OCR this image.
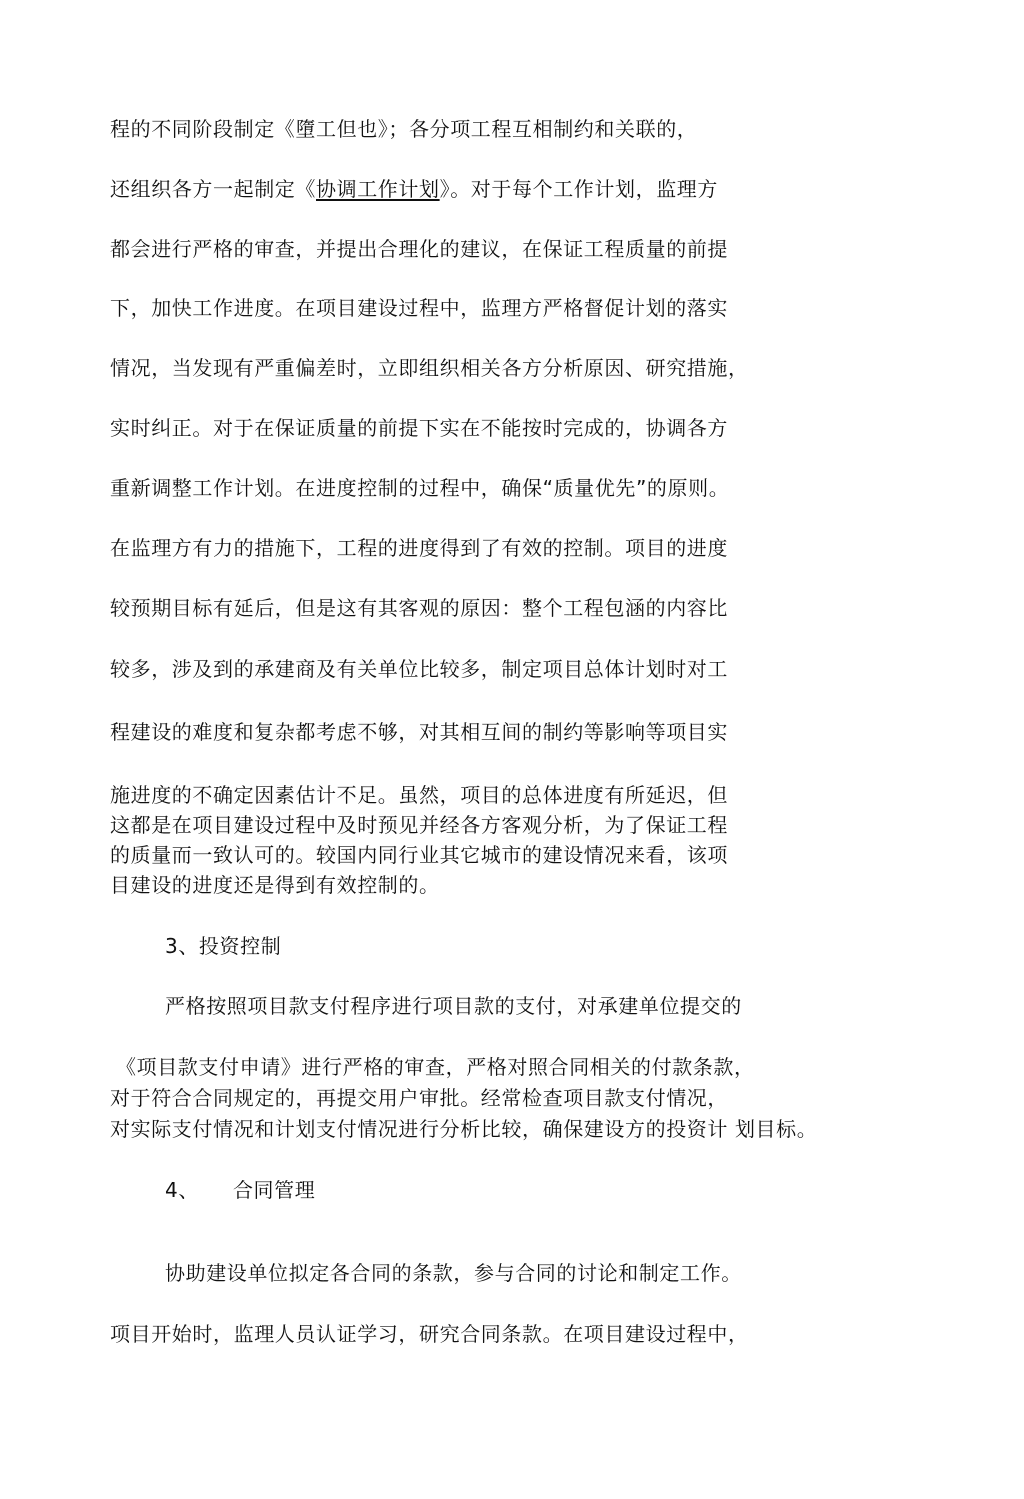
程的不同阶段制定《墮工但也》；各分项工程互相制约和关联的，
还组织各方一起制定《协调工作计划》。对于每个工作计划，监理方
都会进行严格的审查，并提出合理化的建议，在保证工程质量的前提
下，加快工作进度。在项目建设过程中，监理方严格督促计划的落实
情况，当发现有严重偏差时，立即组织相关各方分析原因、研究措施，
实时纠正。对于在保证质量的前提下实在不能按时完成的，协调各方
重新调整工作计划。在进度控制的过程中，确保“质量优先”的原则。
在监理方有力的措施下，工程的进度得到了有效的控制。项目的进度
较预期目标有延后，但是这有其客观的原因：整个工程包涵的内容比
较多，涉及到的承建商及有关单位比较多，制定项目总体计划时对工
程建设的难度和复杂都考虑不够，对其相互间的制约等影响等项目实
施进度的不确定因素估计不足。虽然，项目的总体进度有所延迟，但
这都是在项目建设过程中及时预见并经各方客观分析，为了保证工程
的质量而一致认可的。较国内同行业其它城市的建设情况来看，该项
目建设的进度还是得到有效控制的。
3、投资控制
严格按照项目款支付程序进行项目款的支付，对承建单位提交的
《项目款支付申请》进行严格的审查，严格对照合同相关的付款条款，
对于符合合同规定的，再提交用户审批。经常检查项目款支付情况，
对实际支付情况和计划支付情况进行分析比较，确保建设方的投资计 划目标。
4、 合同管理
协助建设单位拟定各合同的条款，参与合同的讨论和制定工作。
项目开始时，监理人员认证学习，研究合同条款。在项目建设过程中，
